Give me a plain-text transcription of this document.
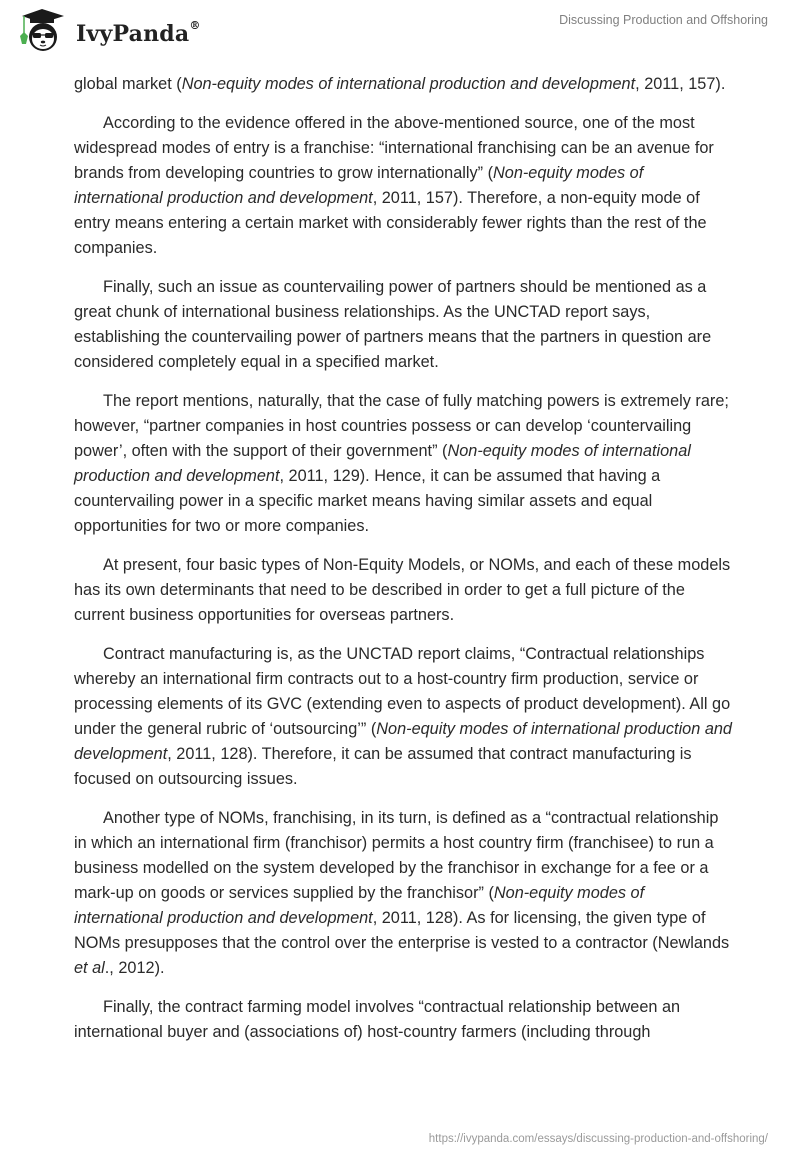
IvyPanda®	Discussing Production and Offshoring

global market (Non-equity modes of international production and development, 2011, 157).

According to the evidence offered in the above-mentioned source, one of the most widespread modes of entry is a franchise: “international franchising can be an avenue for brands from developing countries to grow internationally” (Non-equity modes of international production and development, 2011, 157). Therefore, a non-equity mode of entry means entering a certain market with considerably fewer rights than the rest of the companies.

Finally, such an issue as countervailing power of partners should be mentioned as a great chunk of international business relationships. As the UNCTAD report says, establishing the countervailing power of partners means that the partners in question are considered completely equal in a specified market.

The report mentions, naturally, that the case of fully matching powers is extremely rare; however, “partner companies in host countries possess or can develop ‘countervailing power’, often with the support of their government” (Non-equity modes of international production and development, 2011, 129). Hence, it can be assumed that having a countervailing power in a specific market means having similar assets and equal opportunities for two or more companies.

At present, four basic types of Non-Equity Models, or NOMs, and each of these models has its own determinants that need to be described in order to get a full picture of the current business opportunities for overseas partners.

Contract manufacturing is, as the UNCTAD report claims, “Contractual relationships whereby an international firm contracts out to a host-country firm production, service or processing elements of its GVC (extending even to aspects of product development). All go under the general rubric of ‘outsourcing’” (Non-equity modes of international production and development, 2011, 128). Therefore, it can be assumed that contract manufacturing is focused on outsourcing issues.

Another type of NOMs, franchising, in its turn, is defined as a “contractual relationship in which an international firm (franchisor) permits a host country firm (franchisee) to run a business modelled on the system developed by the franchisor in exchange for a fee or a mark-up on goods or services supplied by the franchisor” (Non-equity modes of international production and development, 2011, 128). As for licensing, the given type of NOMs presupposes that the control over the enterprise is vested to a contractor (Newlands et al., 2012).

Finally, the contract farming model involves “contractual relationship between an international buyer and (associations of) host-country farmers (including through

https://ivypanda.com/essays/discussing-production-and-offshoring/
